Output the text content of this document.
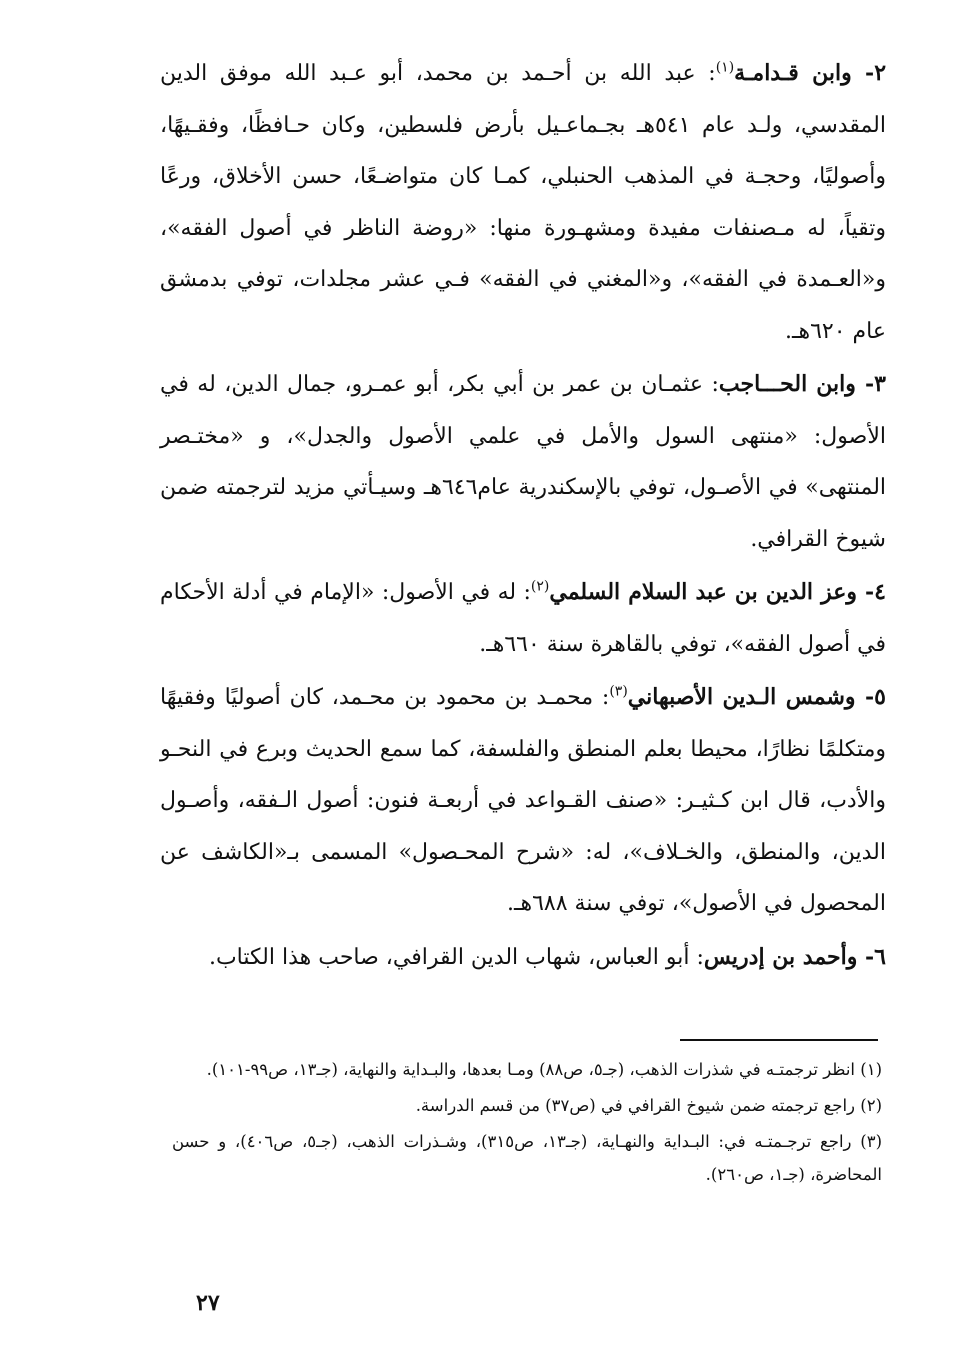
٢- وابن قـدامـة$^{(١)}$: عبد الله بن أحـمد بن محمد، أبو عـبد الله موفق الدين المقدسي، ولـد عام ٥٤١هـ بجـماعـيل بأرض فلسطين، وكان حـافظًا، وفقـيهًا، وأصوليًا، وحجـة في المذهب الحنبلي، كمـا كان متواضـعًا، حسن الأخلاق، ورعًا وتقياً، له مـصنفات مفيدة ومشهـورة منها: «روضة الناظر في أصول الفقه»، و«العـمدة في الفقه»، و«المغني في الفقه» فـي عشر مجلدات، توفي بدمشق عام ٦٢٠هـ.

٣- وابن الحـــاجب: عثمـان بن عمر بن أبي بكر، أبو عمـرو، جمال الدين، له في الأصول: «منتهى السول والأمل في علمي الأصول والجدل»، و «مختـصر المنتهى» في الأصـول، توفي بالإسكندرية عام٦٤٦هـ وسيـأتي مزيد لترجمته ضمن شيوخ القرافي.

٤- وعز الدين بن عبد السلام السلمي$^{(٢)}$: له في الأصول: «الإمام في أدلة الأحكام في أصول الفقه»، توفي بالقاهرة سنة ٦٦٠هـ.

٥- وشمس الـدين الأصبهاني$^{(٣)}$: محمـد بن محمود بن محـمد، كان أصوليًا وفقيهًا ومتكلمًا نظارًا، محيطا بعلم المنطق والفلسفة، كما سمع الحديث وبرع في النحـو والأدب، قال ابن كـثيـر: «صنف القـواعد في أربعـة فنون: أصول الـفقه، وأصـول الدين، والمنطق، والخـلاف»، له: «شرح المحـصول» المسمى بـ«الكاشف عن المحصول في الأصول»، توفي سنة ٦٨٨هـ.

٦- وأحمد بن إدريس: أبو العباس، شهاب الدين القرافي، صاحب هذا الكتاب.

(١) انظر ترجمتـه في شذرات الذهب، (جـ٥، ص٨٨) ومـا بعدها، والبـداية والنهاية، (جـ١٣، ص٩٩-١٠١).

(٢) راجع ترجمته ضمن شيوخ القرافي في (ص٣٧) من قسم الدراسة.

(٣) راجع ترجـمتـه في: البـداية والنهـاية، (جـ١٣، ص٣١٥)، وشـذرات الذهب، (جـ٥، ص٤٠٦)، و حسن المحاضرة، (جـ١، ص٢٦٠).

٢٧
